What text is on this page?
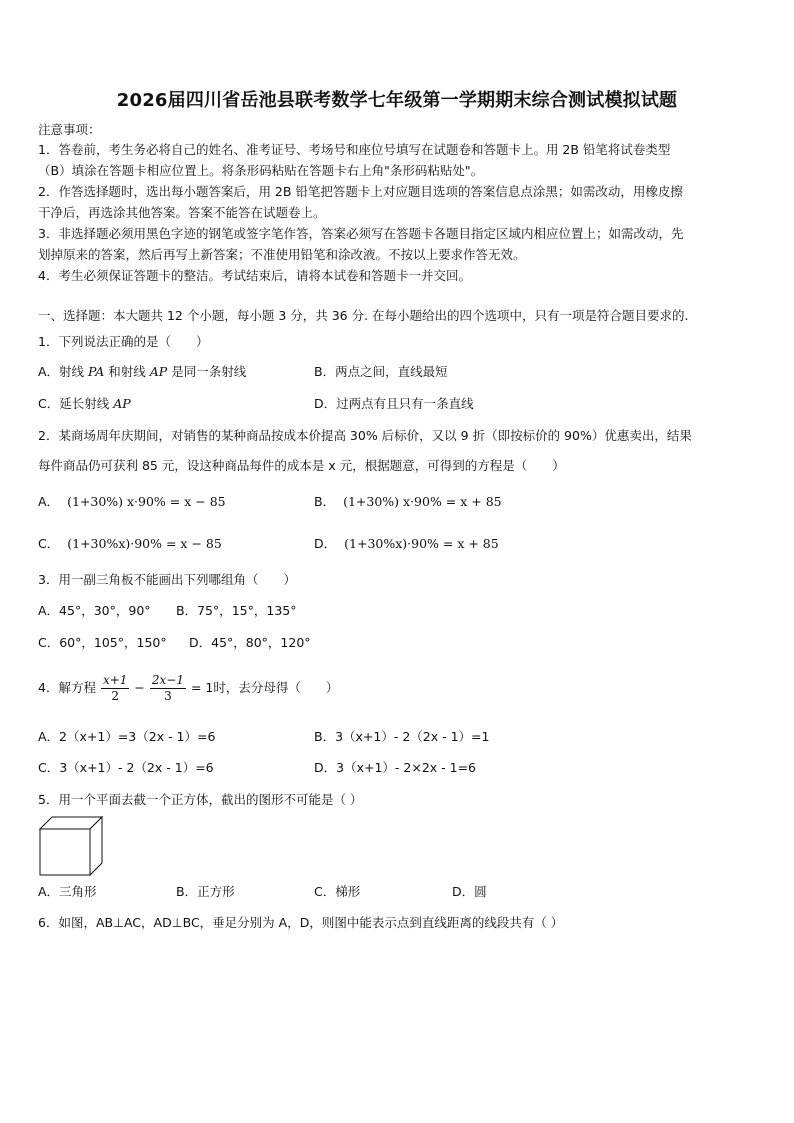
2026届四川省岳池县联考数学七年级第一学期期末综合测试模拟试题
注意事项：
1．答卷前，考生务必将自己的姓名、准考证号、考场号和座位号填写在试题卷和答题卡上。用 2B 铅笔将试卷类型
（B）填涂在答题卡相应位置上。将条形码粘贴在答题卡右上角"条形码粘贴处"。
2．作答选择题时，选出每小题答案后，用 2B 铅笔把答题卡上对应题目选项的答案信息点涂黑；如需改动，用橡皮擦
干净后，再选涂其他答案。答案不能答在试题卷上。
3．非选择题必须用黑色字迹的钢笔或签字笔作答，答案必须写在答题卡各题目指定区域内相应位置上；如需改动，先
划掉原来的答案，然后再写上新答案；不准使用铅笔和涂改液。不按以上要求作答无效。
4．考生必须保证答题卡的整洁。考试结束后，请将本试卷和答题卡一并交回。
一、选择题：本大题共 12 个小题，每小题 3 分，共 36 分. 在每小题给出的四个选项中，只有一项是符合题目要求的.
1．下列说法正确的是（　　）
A．射线 PA 和射线 AP 是同一条射线	B．两点之间，直线最短
C．延长射线 AP	D．过两点有且只有一条直线
2．某商场周年庆期间，对销售的某种商品按成本价提高 30% 后标价，又以 9 折（即按标价的 90%）优惠卖出，结果
每件商品仍可获利 85 元，设这种商品每件的成本是 x 元，根据题意，可得到的方程是（　　）
A． (1+30%) x·90% = x − 85	B． (1+30%) x·90% = x + 85
C． (1+30%x)·90% = x − 85	D． (1+30%x)·90% = x + 85
3．用一副三角板不能画出下列哪组角（　　）
A．45°，30°，90° B．75°，15°，135°
C．60°，105°，150° D．45°，80°，120°
4．解方程 $\frac{x+1}{2} - \frac{2x-1}{3} = 1$时，去分母得（　　）
A．2（x+1）=3（2x - 1）=6	B．3（x+1）- 2（2x - 1）=1
C．3（x+1）- 2（2x - 1）=6	D．3（x+1）- 2×2x - 1=6
5．用一个平面去截一个正方体，截出的图形不可能是（ ）
A．三角形	B．正方形	C．梯形	D．圆
6．如图，AB⊥AC，AD⊥BC，垂足分别为 A，D，则图中能表示点到直线距离的线段共有（ ）
